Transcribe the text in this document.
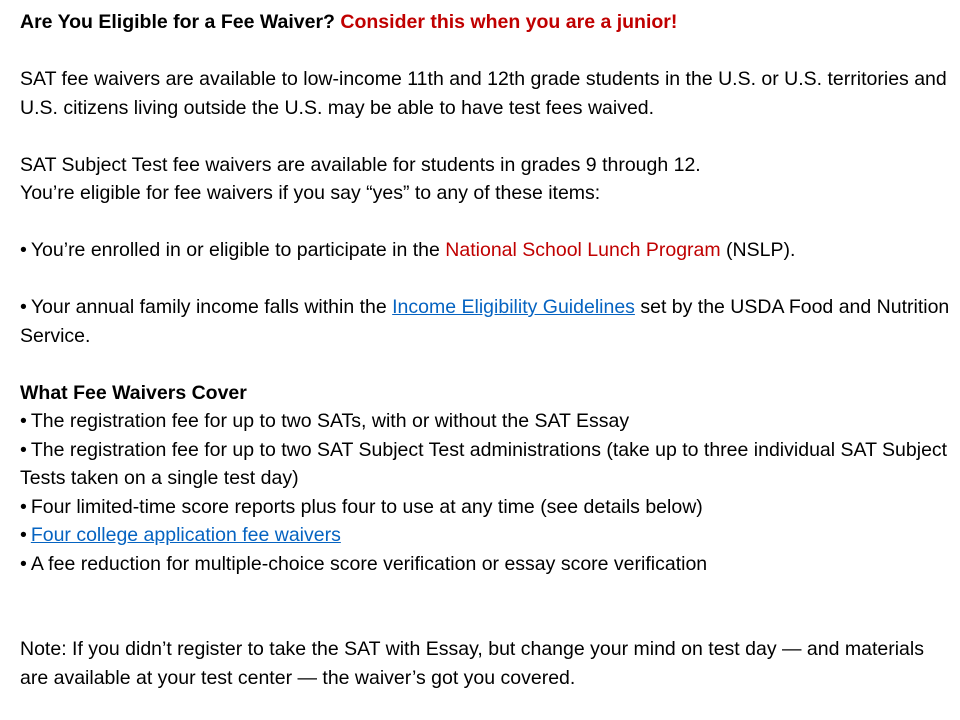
Are You Eligible for a Fee Waiver? Consider this when you are a junior!
SAT fee waivers are available to low-income 11th and 12th grade students in the U.S. or U.S. territories and U.S. citizens living outside the U.S. may be able to have test fees waived.
SAT Subject Test fee waivers are available for students in grades 9 through 12.
You’re eligible for fee waivers if you say “yes” to any of these items:
• You’re enrolled in or eligible to participate in the National School Lunch Program (NSLP).
• Your annual family income falls within the Income Eligibility Guidelines set by the USDA Food and Nutrition Service.
What Fee Waivers Cover
• The registration fee for up to two SATs, with or without the SAT Essay
• The registration fee for up to two SAT Subject Test administrations (take up to three individual SAT Subject Tests taken on a single test day)
• Four limited-time score reports plus four to use at any time (see details below)
• Four college application fee waivers
• A fee reduction for multiple-choice score verification or essay score verification
Note: If you didn’t register to take the SAT with Essay, but change your mind on test day — and materials are available at your test center — the waiver’s got you covered.
